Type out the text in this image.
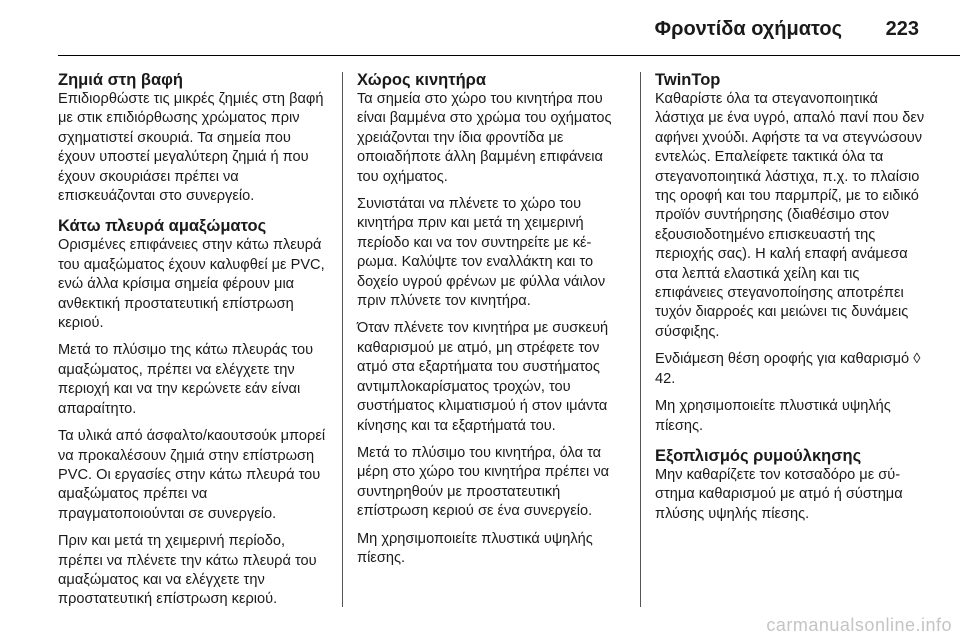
Φροντίδα οχήματος 223
Ζημιά στη βαφή

Επιδιορθώστε τις μικρές ζημιές στη βαφή με στικ επιδιόρθωσης χρώματος πριν σχηματιστεί σκουριά. Τα σημεία που έχουν υποστεί μεγαλύτερη ζημιά ή που έχουν σκουριάσει πρέπει να επισκευάζονται στο συνεργείο.

Κάτω πλευρά αμαξώματος

Ορισμένες επιφάνειες στην κάτω πλευρά του αμαξώματος έχουν καλυφθεί με PVC, ενώ άλλα κρίσιμα σημεία φέρουν μια ανθεκτική προστατευτική επίστρωση κεριού.

Μετά το πλύσιμο της κάτω πλευράς του αμαξώματος, πρέπει να ελέγχετε την περιοχή και να την κερώνετε εάν είναι απαραίτητο.

Τα υλικά από άσφαλτο/καουτσούκ μπορεί να προκαλέσουν ζημιά στην επίστρωση PVC. Οι εργασίες στην κάτω πλευρά του αμαξώματος πρέπει να πραγματοποιούνται σε συνεργείο.

Πριν και μετά τη χειμερινή περίοδο, πρέπει να πλένετε την κάτω πλευρά του αμαξώματος και να ελέγχετε την προστατευτική επίστρωση κεριού.

Χώρος κινητήρα

Τα σημεία στο χώρο του κινητήρα που είναι βαμμένα στο χρώμα του οχήματος χρειάζονται την ίδια φροντίδα με οποιαδήποτε άλλη βαμμένη επιφάνεια του οχήματος.

Συνιστάται να πλένετε το χώρο του κινητήρα πριν και μετά τη χειμερινή περίοδο και να τον συντηρείτε με κέρωμα. Καλύψτε τον εναλλάκτη και το δοχείο υγρού φρένων με φύλλα νάιλον πριν πλύνετε τον κινητήρα.

Όταν πλένετε τον κινητήρα με συσκευή καθαρισμού με ατμό, μη στρέφετε τον ατμό στα εξαρτήματα του συστήματος αντιμπλοκαρίσματος τροχών, του συστήματος κλιματισμού ή στον ιμάντα κίνησης και τα εξαρτήματά του.

Μετά το πλύσιμο του κινητήρα, όλα τα μέρη στο χώρο του κινητήρα πρέπει να συντηρηθούν με προστατευτική επίστρωση κεριού σε ένα συνεργείο.

Μη χρησιμοποιείτε πλυστικά υψηλής πίεσης.

TwinTop

Καθαρίστε όλα τα στεγανοποιητικά λάστιχα με ένα υγρό, απαλό πανί που δεν αφήνει χνούδι. Αφήστε τα να στεγνώσουν εντελώς. Επαλείφετε τακτικά όλα τα στεγανοποιητικά λάστιχα, π.χ. το πλαίσιο της οροφή και του παρμπρίζ, με το ειδικό προϊόν συντήρησης (διαθέσιμο στον εξουσιοδοτημένο επισκευαστή της περιοχής σας). Η καλή επαφή ανάμεσα στα λεπτά ελαστικά χείλη και τις επιφάνειες στεγανοποίησης αποτρέπει τυχόν διαρροές και μειώνει τις δυνάμεις σύσφιξης.

Ενδιάμεση θέση οροφής για καθαρισμό ◊ 42.

Μη χρησιμοποιείτε πλυστικά υψηλής πίεσης.

Εξοπλισμός ρυμούλκησης

Μην καθαρίζετε τον κοτσαδόρο με σύστημα καθαρισμού με ατμό ή σύστημα πλύσης υψηλής πίεσης.

carmanualsonline.info
